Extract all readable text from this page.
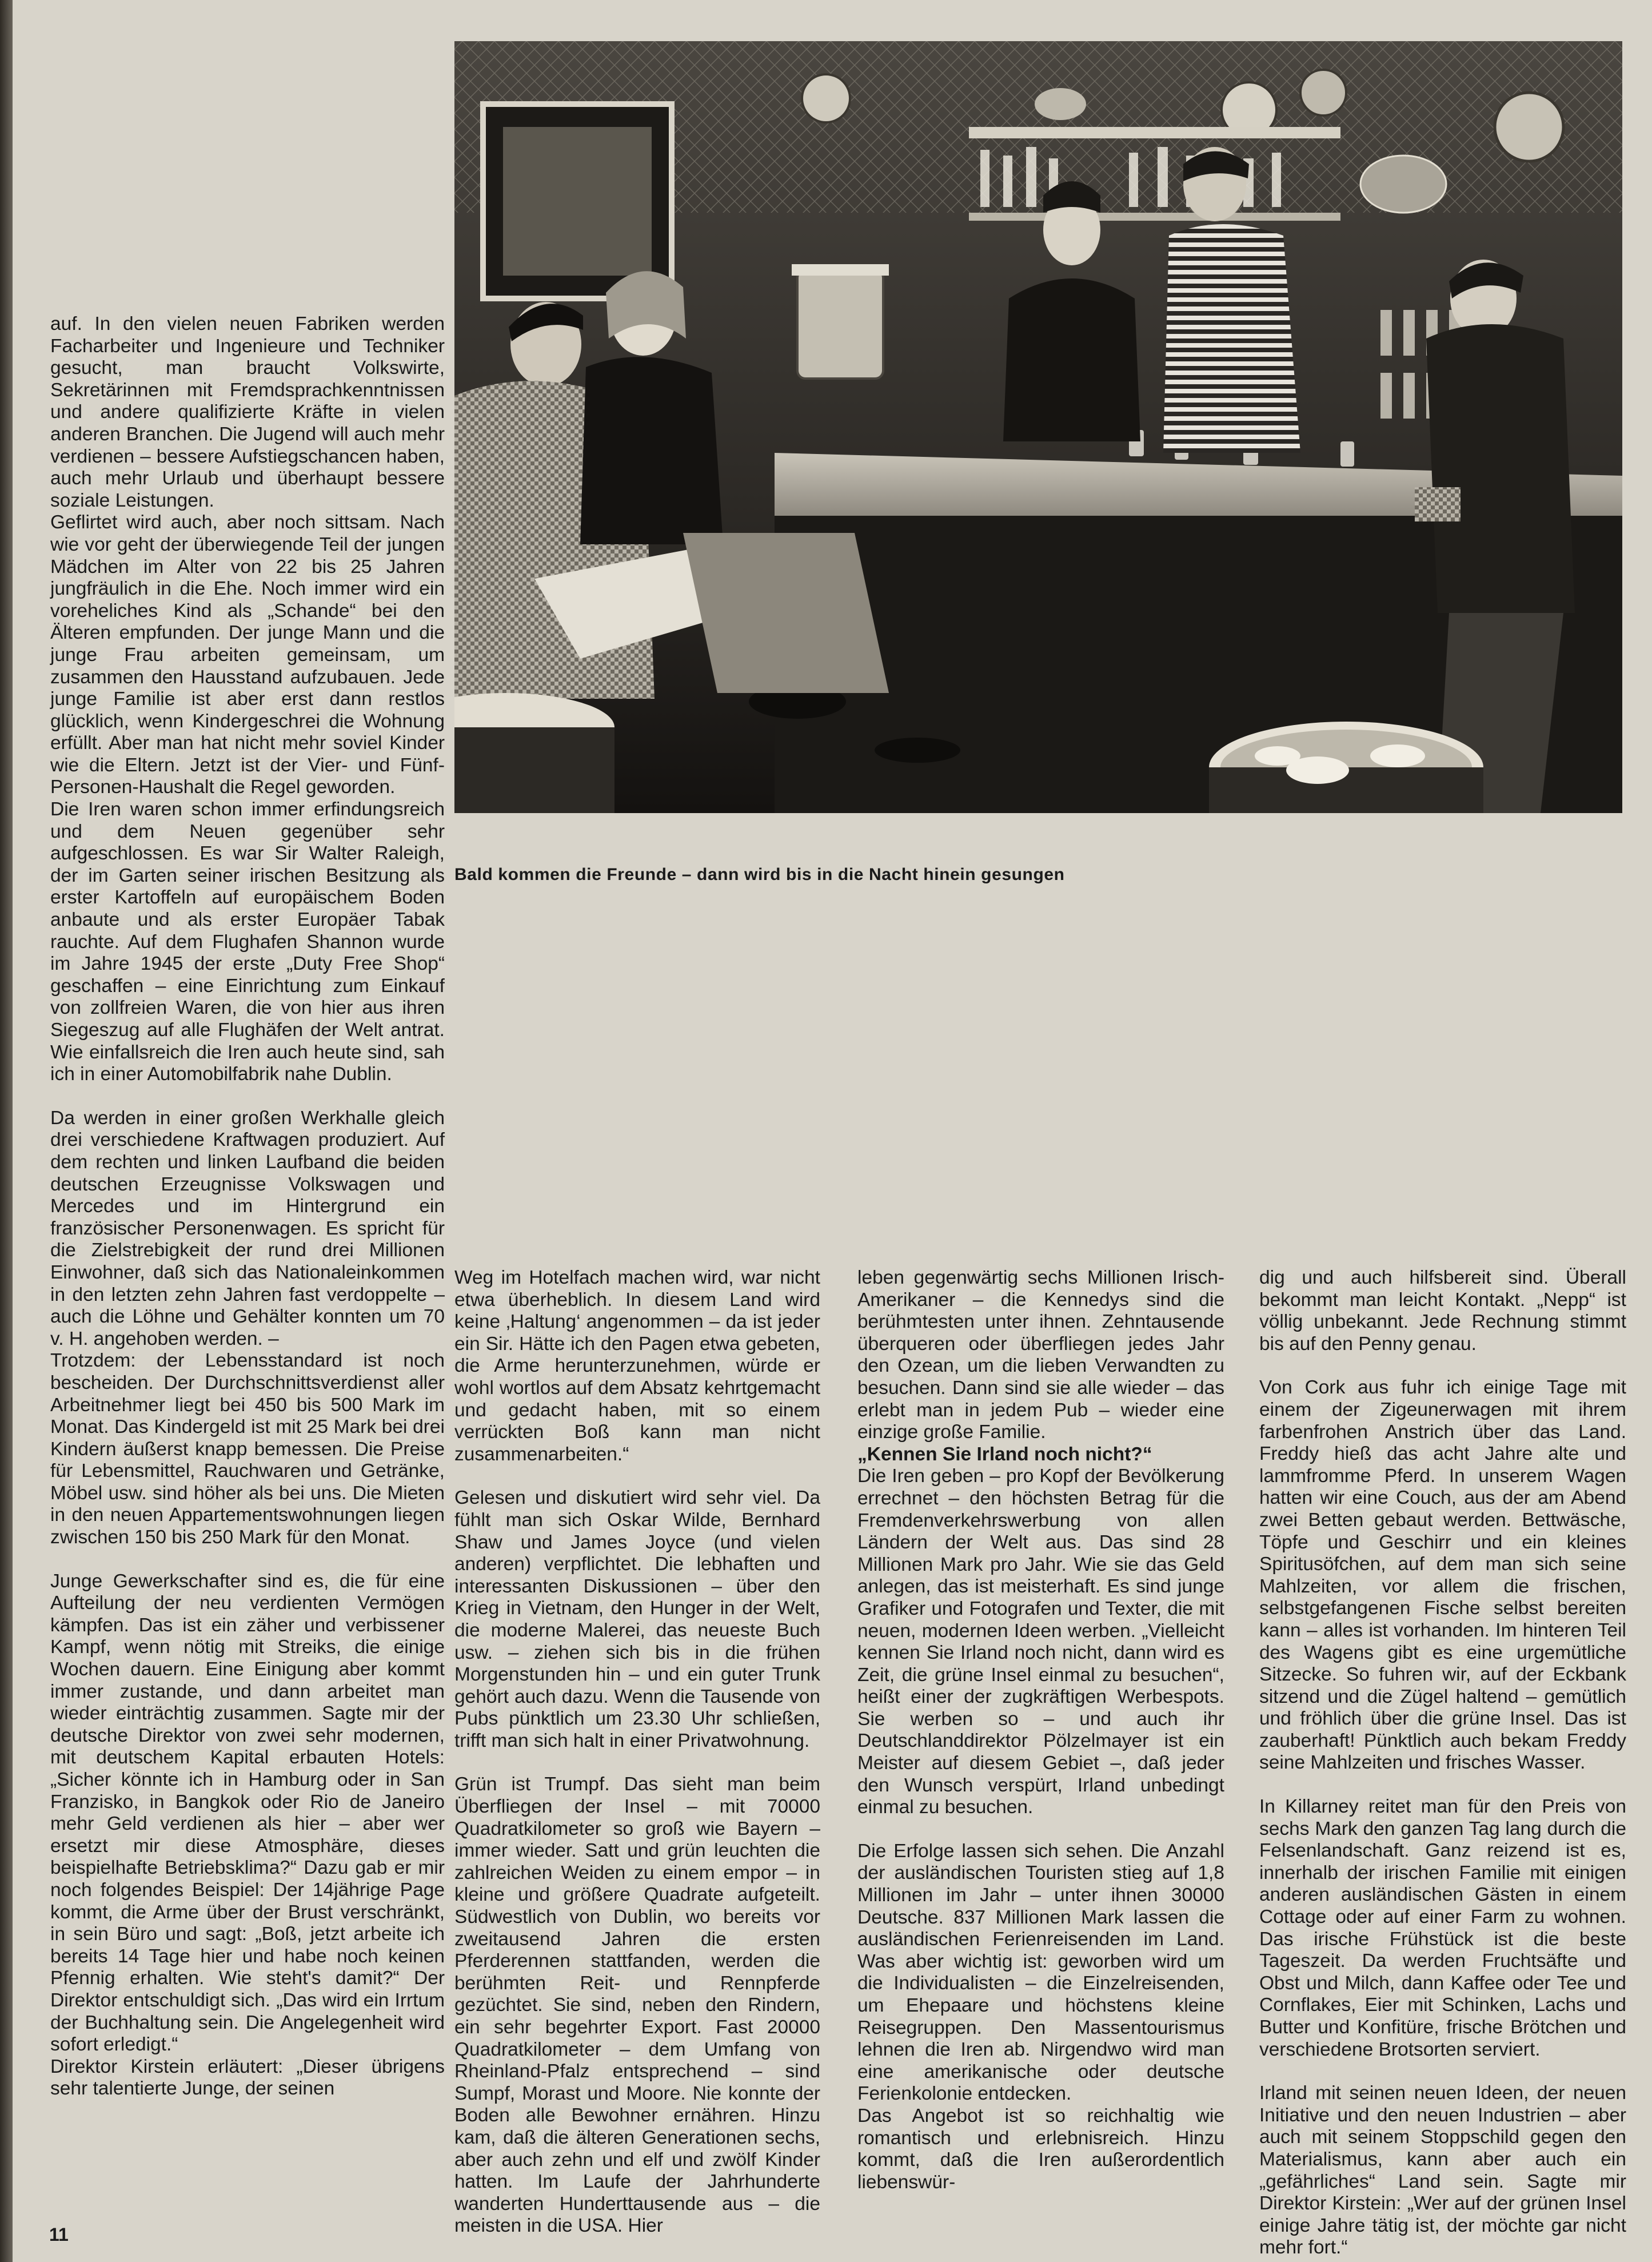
Bald kommen die Freunde – dann wird bis in die Nacht hinein gesungen

auf. In den vielen neuen Fabriken werden Facharbeiter und Ingenieure und Techniker gesucht, man braucht Volkswirte, Sekretärinnen mit Fremdsprachkenntnissen und andere qualifizierte Kräfte in vielen anderen Branchen. Die Jugend will auch mehr verdienen – bessere Aufstiegschancen haben, auch mehr Urlaub und überhaupt bessere soziale Leistungen.

Geflirtet wird auch, aber noch sittsam. Nach wie vor geht der überwiegende Teil der jungen Mädchen im Alter von 22 bis 25 Jahren jungfräulich in die Ehe. Noch immer wird ein voreheliches Kind als „Schande“ bei den Älteren empfunden. Der junge Mann und die junge Frau arbeiten gemeinsam, um zusammen den Hausstand aufzubauen. Jede junge Familie ist aber erst dann restlos glücklich, wenn Kindergeschrei die Wohnung erfüllt. Aber man hat nicht mehr soviel Kinder wie die Eltern. Jetzt ist der Vier- und Fünf-Personen-Haushalt die Regel geworden.

Die Iren waren schon immer erfindungsreich und dem Neuen gegenüber sehr aufgeschlossen. Es war Sir Walter Raleigh, der im Garten seiner irischen Besitzung als erster Kartoffeln auf europäischem Boden anbaute und als erster Europäer Tabak rauchte. Auf dem Flughafen Shannon wurde im Jahre 1945 der erste „Duty Free Shop“ geschaffen – eine Einrichtung zum Einkauf von zollfreien Waren, die von hier aus ihren Siegeszug auf alle Flughäfen der Welt antrat. Wie einfallsreich die Iren auch heute sind, sah ich in einer Automobilfabrik nahe Dublin.

Da werden in einer großen Werkhalle gleich drei verschiedene Kraftwagen produziert. Auf dem rechten und linken Laufband die beiden deutschen Erzeugnisse Volkswagen und Mercedes und im Hintergrund ein französischer Personenwagen. Es spricht für die Zielstrebigkeit der rund drei Millionen Einwohner, daß sich das Nationaleinkommen in den letzten zehn Jahren fast verdoppelte – auch die Löhne und Gehälter konnten um 70 v. H. angehoben werden. –

Trotzdem: der Lebensstandard ist noch bescheiden. Der Durchschnittsverdienst aller Arbeitnehmer liegt bei 450 bis 500 Mark im Monat. Das Kindergeld ist mit 25 Mark bei drei Kindern äußerst knapp bemessen. Die Preise für Lebensmittel, Rauchwaren und Getränke, Möbel usw. sind höher als bei uns. Die Mieten in den neuen Appartementswohnungen liegen zwischen 150 bis 250 Mark für den Monat.

Junge Gewerkschafter sind es, die für eine Aufteilung der neu verdienten Vermögen kämpfen. Das ist ein zäher und verbissener Kampf, wenn nötig mit Streiks, die einige Wochen dauern. Eine Einigung aber kommt immer zustande, und dann arbeitet man wieder einträchtig zusammen. Sagte mir der deutsche Direktor von zwei sehr modernen, mit deutschem Kapital erbauten Hotels: „Sicher könnte ich in Hamburg oder in San Franzisko, in Bangkok oder Rio de Janeiro mehr Geld verdienen als hier – aber wer ersetzt mir diese Atmosphäre, dieses beispielhafte Betriebsklima?“ Dazu gab er mir noch folgendes Beispiel: Der 14jährige Page kommt, die Arme über der Brust verschränkt, in sein Büro und sagt: „Boß, jetzt arbeite ich bereits 14 Tage hier und habe noch keinen Pfennig erhalten. Wie steht's damit?“ Der Direktor entschuldigt sich. „Das wird ein Irrtum der Buchhaltung sein. Die Angelegenheit wird sofort erledigt.“

Direktor Kirstein erläutert: „Dieser übrigens sehr talentierte Junge, der seinen

Weg im Hotelfach machen wird, war nicht etwa überheblich. In diesem Land wird keine ‚Haltung‘ angenommen – da ist jeder ein Sir. Hätte ich den Pagen etwa gebeten, die Arme herunterzunehmen, würde er wohl wortlos auf dem Absatz kehrtgemacht und gedacht haben, mit so einem verrückten Boß kann man nicht zusammenarbeiten.“

Gelesen und diskutiert wird sehr viel. Da fühlt man sich Oskar Wilde, Bernhard Shaw und James Joyce (und vielen anderen) verpflichtet. Die lebhaften und interessanten Diskussionen – über den Krieg in Vietnam, den Hunger in der Welt, die moderne Malerei, das neueste Buch usw. – ziehen sich bis in die frühen Morgenstunden hin – und ein guter Trunk gehört auch dazu. Wenn die Tausende von Pubs pünktlich um 23.30 Uhr schließen, trifft man sich halt in einer Privatwohnung.

Grün ist Trumpf. Das sieht man beim Überfliegen der Insel – mit 70000 Quadratkilometer so groß wie Bayern – immer wieder. Satt und grün leuchten die zahlreichen Weiden zu einem empor – in kleine und größere Quadrate aufgeteilt. Südwestlich von Dublin, wo bereits vor zweitausend Jahren die ersten Pferderennen stattfanden, werden die berühmten Reit- und Rennpferde gezüchtet. Sie sind, neben den Rindern, ein sehr begehrter Export. Fast 20000 Quadratkilometer – dem Umfang von Rheinland-Pfalz entsprechend – sind Sumpf, Morast und Moore. Nie konnte der Boden alle Bewohner ernähren. Hinzu kam, daß die älteren Generationen sechs, aber auch zehn und elf und zwölf Kinder hatten. Im Laufe der Jahrhunderte wanderten Hunderttausende aus – die meisten in die USA. Hier

leben gegenwärtig sechs Millionen Irisch-Amerikaner – die Kennedys sind die berühmtesten unter ihnen. Zehntausende überqueren oder überfliegen jedes Jahr den Ozean, um die lieben Verwandten zu besuchen. Dann sind sie alle wieder – das erlebt man in jedem Pub – wieder eine einzige große Familie.

„Kennen Sie Irland noch nicht?“

Die Iren geben – pro Kopf der Bevölkerung errechnet – den höchsten Betrag für die Fremdenverkehrswerbung von allen Ländern der Welt aus. Das sind 28 Millionen Mark pro Jahr. Wie sie das Geld anlegen, das ist meisterhaft. Es sind junge Grafiker und Fotografen und Texter, die mit neuen, modernen Ideen werben. „Vielleicht kennen Sie Irland noch nicht, dann wird es Zeit, die grüne Insel einmal zu besuchen“, heißt einer der zugkräftigen Werbespots. Sie werben so – und auch ihr Deutschlanddirektor Pölzelmayer ist ein Meister auf diesem Gebiet –, daß jeder den Wunsch verspürt, Irland unbedingt einmal zu besuchen.

Die Erfolge lassen sich sehen. Die Anzahl der ausländischen Touristen stieg auf 1,8 Millionen im Jahr – unter ihnen 30000 Deutsche. 837 Millionen Mark lassen die ausländischen Ferienreisenden im Land. Was aber wichtig ist: geworben wird um die Individualisten – die Einzelreisenden, um Ehepaare und höchstens kleine Reisegruppen. Den Massentourismus lehnen die Iren ab. Nirgendwo wird man eine amerikanische oder deutsche Ferienkolonie entdecken.

Das Angebot ist so reichhaltig wie romantisch und erlebnisreich. Hinzu kommt, daß die Iren außerordentlich liebenswür-

dig und auch hilfsbereit sind. Überall bekommt man leicht Kontakt. „Nepp“ ist völlig unbekannt. Jede Rechnung stimmt bis auf den Penny genau.

Von Cork aus fuhr ich einige Tage mit einem der Zigeunerwagen mit ihrem farbenfrohen Anstrich über das Land. Freddy hieß das acht Jahre alte und lammfromme Pferd. In unserem Wagen hatten wir eine Couch, aus der am Abend zwei Betten gebaut werden. Bettwäsche, Töpfe und Geschirr und ein kleines Spiritusöfchen, auf dem man sich seine Mahlzeiten, vor allem die frischen, selbstgefangenen Fische selbst bereiten kann – alles ist vorhanden. Im hinteren Teil des Wagens gibt es eine urgemütliche Sitzecke. So fuhren wir, auf der Eckbank sitzend und die Zügel haltend – gemütlich und fröhlich über die grüne Insel. Das ist zauberhaft! Pünktlich auch bekam Freddy seine Mahlzeiten und frisches Wasser.

In Killarney reitet man für den Preis von sechs Mark den ganzen Tag lang durch die Felsenlandschaft. Ganz reizend ist es, innerhalb der irischen Familie mit einigen anderen ausländischen Gästen in einem Cottage oder auf einer Farm zu wohnen. Das irische Frühstück ist die beste Tageszeit. Da werden Fruchtsäfte und Obst und Milch, dann Kaffee oder Tee und Cornflakes, Eier mit Schinken, Lachs und Butter und Konfitüre, frische Brötchen und verschiedene Brotsorten serviert.

Irland mit seinen neuen Ideen, der neuen Initiative und den neuen Industrien – aber auch mit seinem Stoppschild gegen den Materialismus, kann aber auch ein „gefährliches“ Land sein. Sagte mir Direktor Kirstein: „Wer auf der grünen Insel einige Jahre tätig ist, der möchte gar nicht mehr fort.“

11
